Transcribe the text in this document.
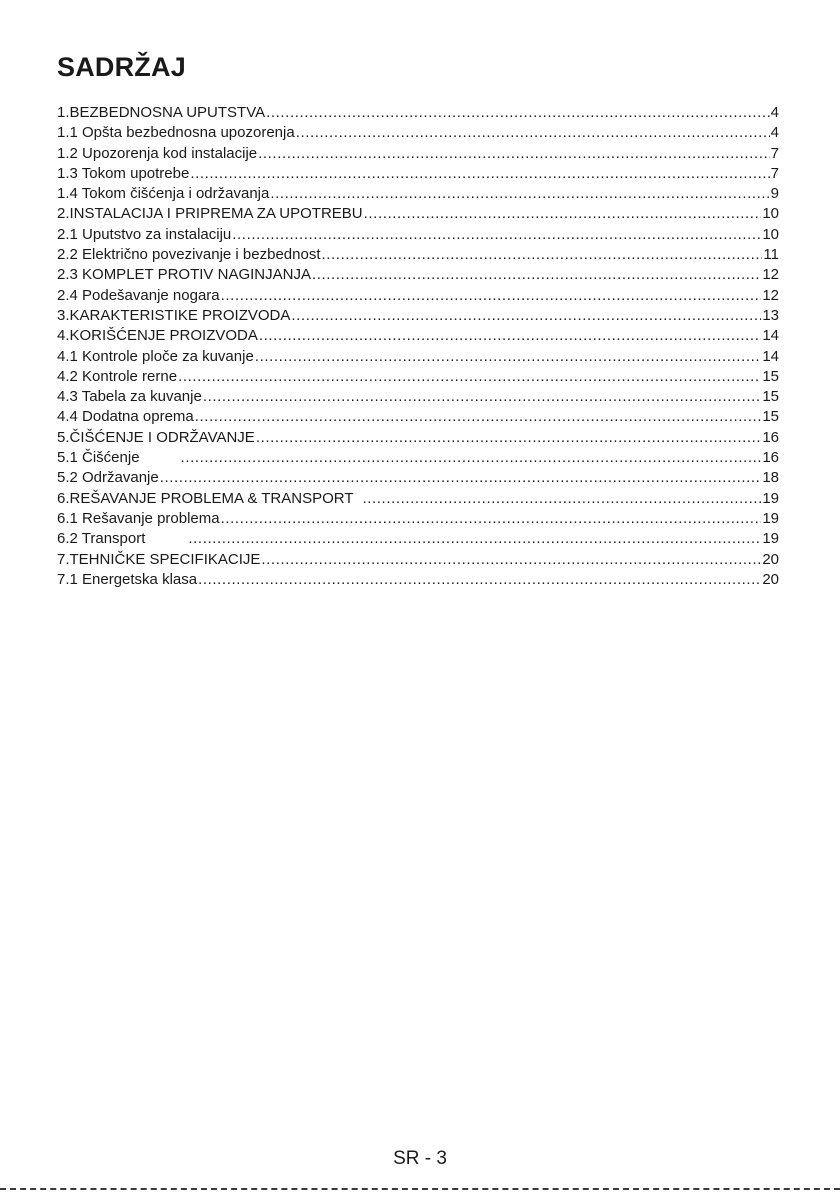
SADRŽAJ
1.BEZBEDNOSNA UPUTSTVA .....	4
1.1 Opšta bezbednosna upozorenja .....	4
1.2 Upozorenja kod instalacije .....	7
1.3 Tokom upotrebe .....	7
1.4 Tokom čišćenja i održavanja .....	9
2.INSTALACIJA I PRIPREMA ZA UPOTREBU .....	10
2.1 Uputstvo za instalaciju .....	10
2.2 Električno povezivanje i bezbednost .....	11
2.3 KOMPLET PROTIV NAGINJANJA .....	12
2.4 Podešavanje nogara .....	12
3.KARAKTERISTIKE PROIZVODA .....	13
4.KORIŠĆENJE PROIZVODA .....	14
4.1 Kontrole ploče za kuvanje .....	14
4.2 Kontrole rerne .....	15
4.3 Tabela za kuvanje .....	15
4.4 Dodatna oprema .....	15
5.ČIŠĆENJE I ODRŽAVANJE .....	16
5.1 Čišćenje .....	16
5.2 Održavanje .....	18
6.REŠAVANJE PROBLEMA & TRANSPORT .....	19
6.1 Rešavanje problema .....	19
6.2 Transport .....	19
7.TEHNIČKE SPECIFIKACIJE .....	20
7.1 Energetska klasa .....	20
SR - 3
